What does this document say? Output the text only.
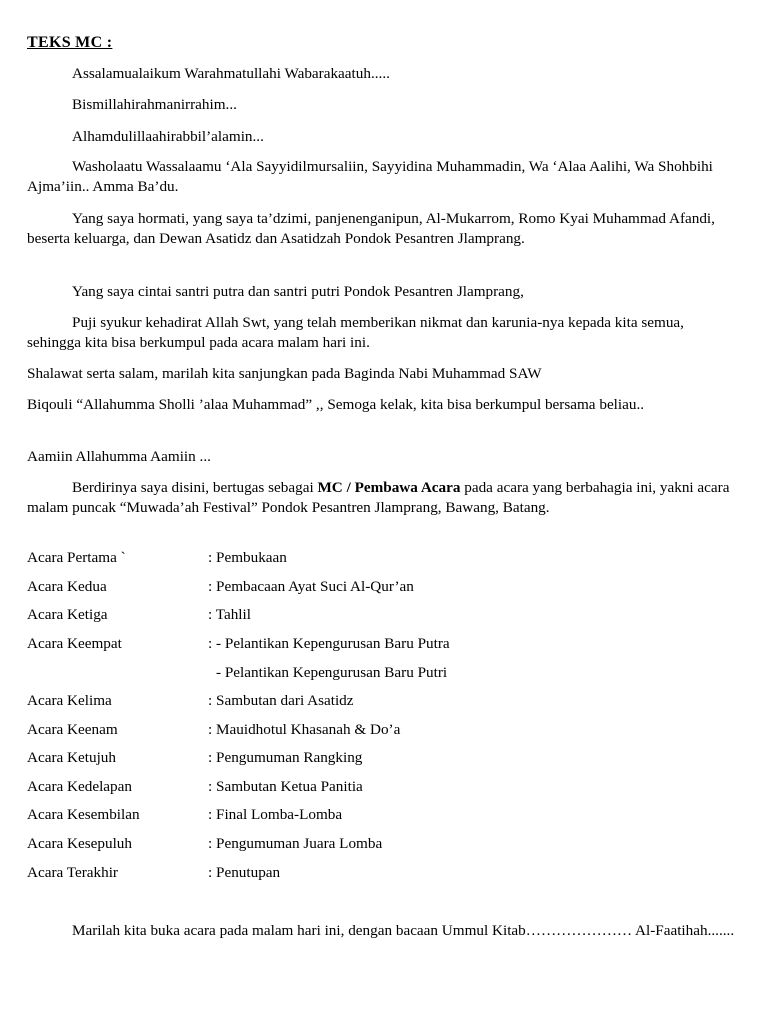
TEKS MC :
Assalamualaikum Warahmatullahi Wabarakaatuh.....
Bismillahirahmanirrahim...
Alhamdulillaahirabbil’alamin...
Washolaatu Wassalaamu ‘Ala Sayyidilmursaliin, Sayyidina Muhammadin, Wa ‘Alaa Aalihi, Wa Shohbihi Ajma’iin.. Amma Ba’du.
Yang saya hormati, yang saya ta’dzimi, panjenenganipun, Al-Mukarrom, Romo Kyai Muhammad Afandi, beserta keluarga, dan Dewan Asatidz dan Asatidzah Pondok Pesantren Jlamprang.
Yang saya cintai santri putra dan santri putri Pondok Pesantren Jlamprang,
Puji syukur kehadirat Allah Swt, yang telah memberikan nikmat dan karunia-nya kepada kita semua, sehingga kita bisa berkumpul pada acara malam hari ini.
Shalawat serta salam, marilah kita sanjungkan pada Baginda Nabi Muhammad SAW
Biqouli “Allahumma Sholli ’alaa Muhammad” ,, Semoga kelak, kita bisa berkumpul bersama beliau..
Aamiin Allahumma Aamiin ...
Berdirinya saya disini, bertugas sebagai MC / Pembawa Acara pada acara yang berbahagia ini, yakni acara malam puncak “Muwada’ah Festival” Pondok Pesantren Jlamprang, Bawang, Batang.
Acara Pertama `	: Pembukaan
Acara Kedua	: Pembacaan Ayat Suci Al-Qur’an
Acara Ketiga	: Tahlil
Acara Keempat	: - Pelantikan Kepengurusan Baru Putra
- Pelantikan Kepengurusan Baru Putri
Acara Kelima	: Sambutan dari Asatidz
Acara Keenam	: Mauidhotul Khasanah & Do’a
Acara Ketujuh	: Pengumuman Rangking
Acara Kedelapan	: Sambutan Ketua Panitia
Acara Kesembilan	: Final Lomba-Lomba
Acara Kesepuluh	: Pengumuman Juara Lomba
Acara Terakhir	: Penutupan
Marilah kita buka acara pada malam hari ini, dengan bacaan Ummul Kitab………………… Al-Faatihah.......
